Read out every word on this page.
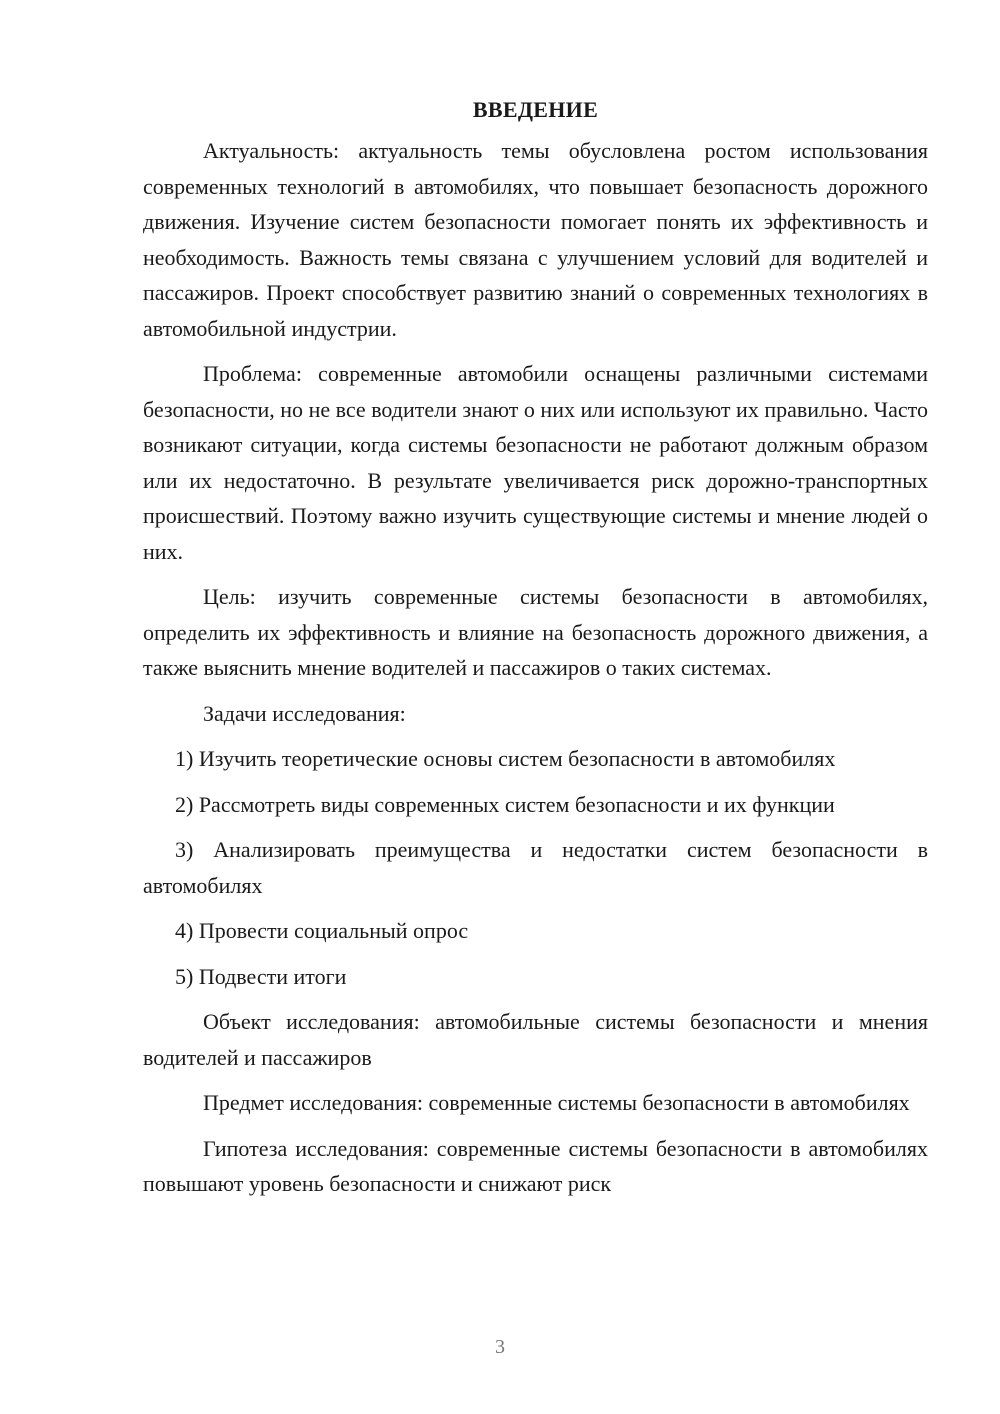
ВВЕДЕНИЕ

Актуальность: актуальность темы обусловлена ростом использования современных технологий в автомобилях, что повышает безопасность дорожного движения. Изучение систем безопасности помогает понять их эффективность и необходимость. Важность темы связана с улучшением условий для водителей и пассажиров. Проект способствует развитию знаний о современных технологиях в автомобильной индустрии.

Проблема: современные автомобили оснащены различными системами безопасности, но не все водители знают о них или используют их правильно. Часто возникают ситуации, когда системы безопасности не работают должным образом или их недостаточно. В результате увеличивается риск дорожно-транспортных происшествий. Поэтому важно изучить существующие системы и мнение людей о них.

Цель: изучить современные системы безопасности в автомобилях, определить их эффективность и влияние на безопасность дорожного движения, а также выяснить мнение водителей и пассажиров о таких системах.

Задачи исследования:

1) Изучить теоретические основы систем безопасности в автомобилях

2) Рассмотреть виды современных систем безопасности и их функции

3) Анализировать преимущества и недостатки систем безопасности в автомобилях

4) Провести социальный опрос

5) Подвести итоги

Объект исследования: автомобильные системы безопасности и мнения водителей и пассажиров

Предмет исследования: современные системы безопасности в автомобилях

Гипотеза исследования: современные системы безопасности в автомобилях повышают уровень безопасности и снижают риск

3
